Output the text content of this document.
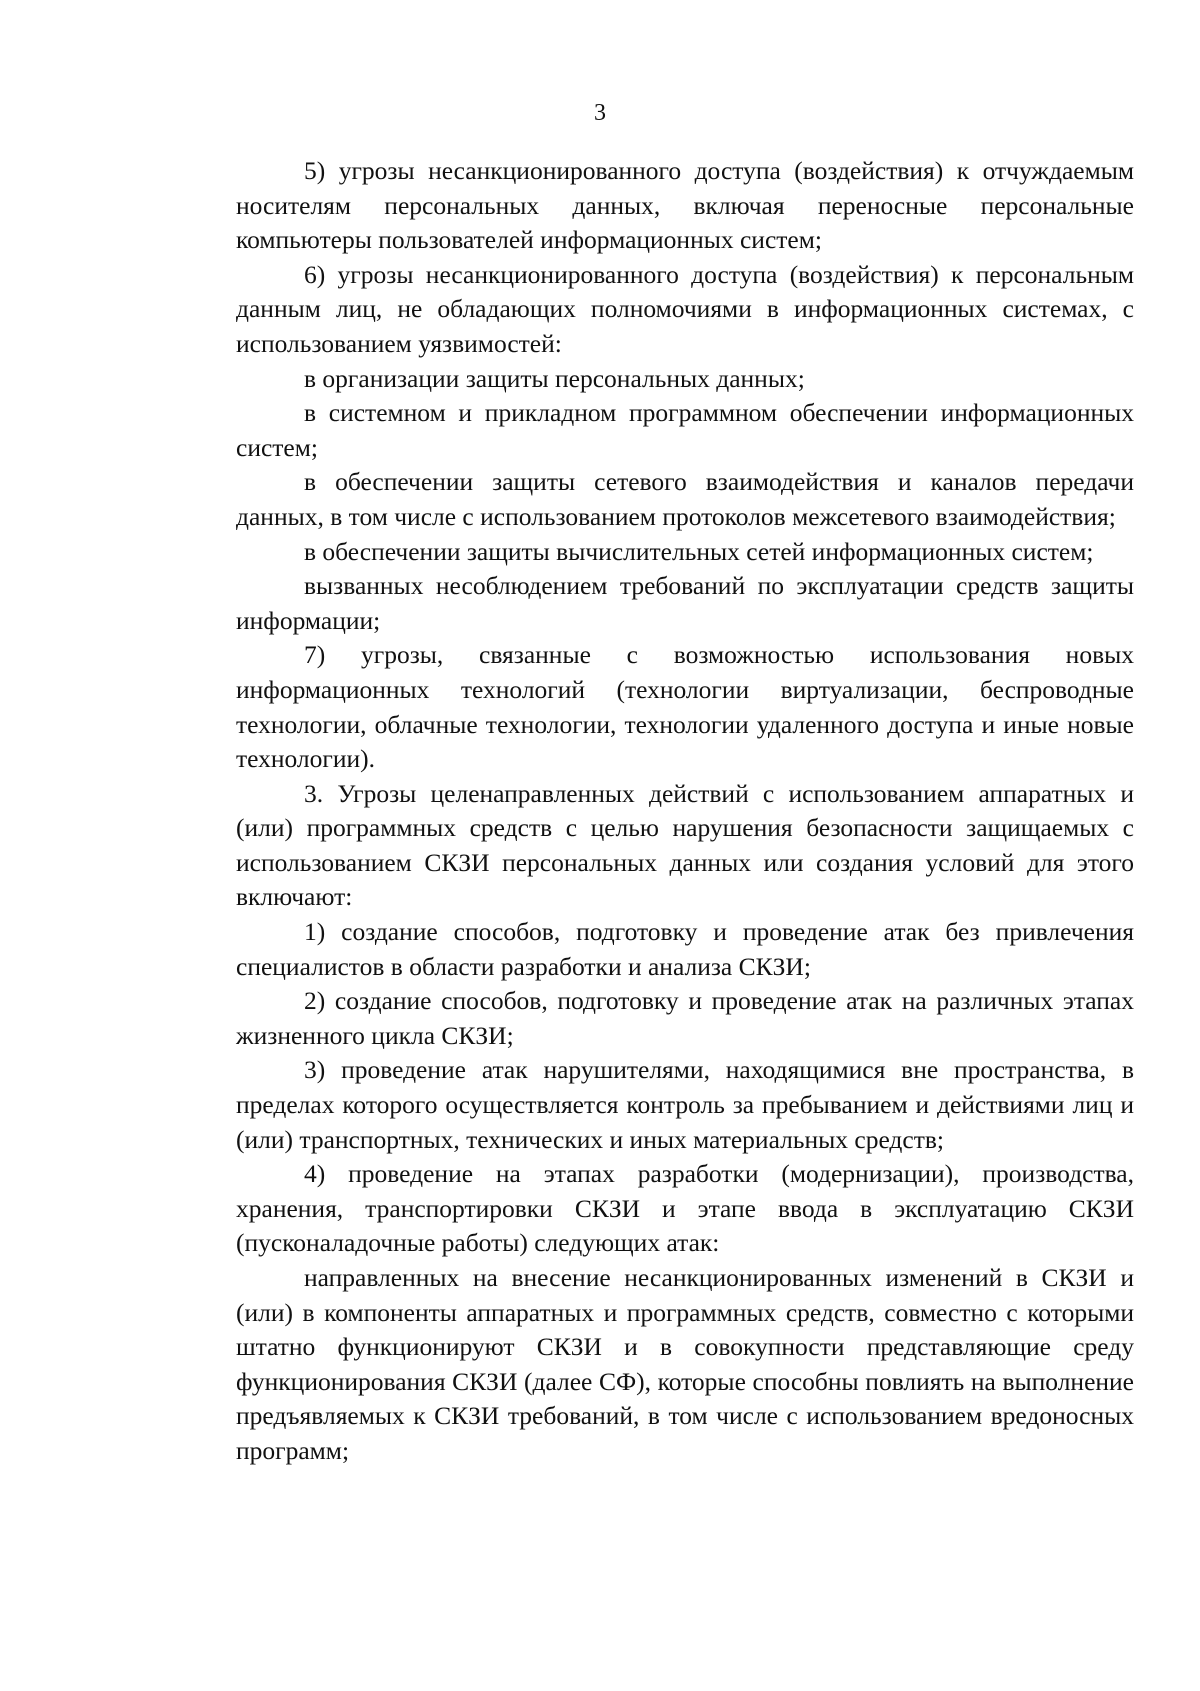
3

5) угрозы несанкционированного доступа (воздействия) к отчуждаемым носителям персональных данных, включая переносные персональные компьютеры пользователей информационных систем;

6) угрозы несанкционированного доступа (воздействия) к персональным данным лиц, не обладающих полномочиями в информационных системах, с использованием уязвимостей:

в организации защиты персональных данных;

в системном и прикладном программном обеспечении информационных систем;

в обеспечении защиты сетевого взаимодействия и каналов передачи данных, в том числе с использованием протоколов межсетевого взаимодействия;

в обеспечении защиты вычислительных сетей информационных систем;

вызванных несоблюдением требований по эксплуатации средств защиты информации;

7) угрозы, связанные с возможностью использования новых информационных технологий (технологии виртуализации, беспроводные технологии, облачные технологии, технологии удаленного доступа и иные новые технологии).

3. Угрозы целенаправленных действий с использованием аппаратных и (или) программных средств с целью нарушения безопасности защищаемых с использованием СКЗИ персональных данных или создания условий для этого включают:

1) создание способов, подготовку и проведение атак без привлечения специалистов в области разработки и анализа СКЗИ;

2) создание способов, подготовку и проведение атак на различных этапах жизненного цикла СКЗИ;

3) проведение атак нарушителями, находящимися вне пространства, в пределах которого осуществляется контроль за пребыванием и действиями лиц и (или) транспортных, технических и иных материальных средств;

4) проведение на этапах разработки (модернизации), производства, хранения, транспортировки СКЗИ и этапе ввода в эксплуатацию СКЗИ (пусконаладочные работы) следующих атак:

направленных на внесение несанкционированных изменений в СКЗИ и (или) в компоненты аппаратных и программных средств, совместно с которыми штатно функционируют СКЗИ и в совокупности представляющие среду функционирования СКЗИ (далее СФ), которые способны повлиять на выполнение предъявляемых к СКЗИ требований, в том числе с использованием вредоносных программ;
